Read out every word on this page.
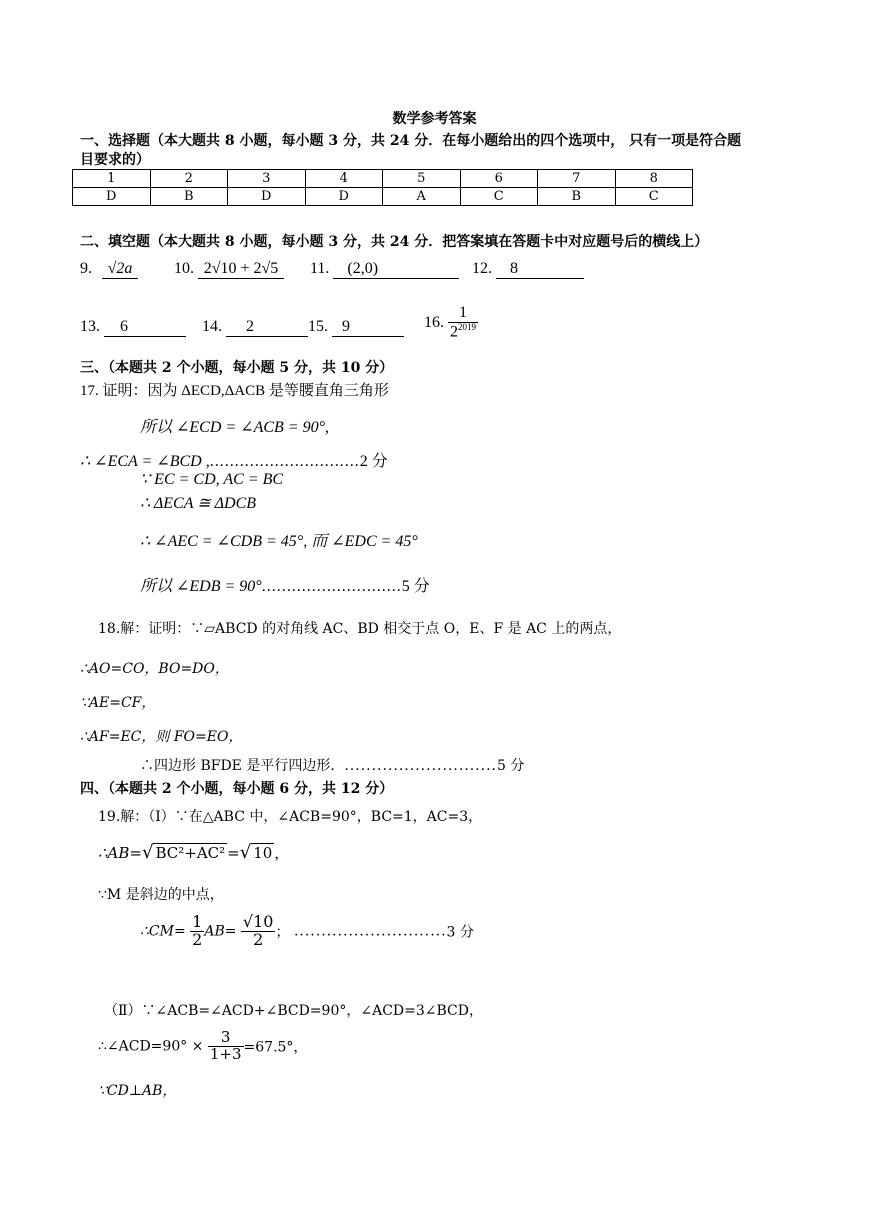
数学参考答案
一、选择题（本大题共 8 小题，每小题 3 分，共 24 分．在每小题给出的四个选项中， 只有一项是符合题
目要求的）
1	2	3	4	5	6	7	8
D	B	D	D	A	C	B	C
二、填空题（本大题共 8 小题，每小题 3 分，共 24 分．把答案填在答题卡中对应题号后的横线上）
9. √2a	10. 2√10 + 2√5	11. (2,0)	12. 8
13. 6	14. 2	15. 9	16. $\frac{1}{2^{2019}}$
三、（本题共 2 个小题，每小题 5 分，共 10 分）
17. 证明：因为 ΔECD,ΔACB 是等腰直角三角形
所以 ∠ECD = ∠ACB = 90°,
∴ ∠ECA = ∠BCD ,..............................2 分
∵ EC = CD, AC = BC
∴ ΔECA ≅ ΔDCB
∴ ∠AEC = ∠CDB = 45°, 而 ∠EDC = 45°
所以 ∠EDB = 90°............................5 分
18.解：证明：∵▱ABCD 的对角线 AC、BD 相交于点 O，E、F 是 AC 上的两点，
∴AO=CO，BO=DO，
∵AE=CF，
∴AF=EC，则 FO=EO，
∴四边形 BFDE 是平行四边形．............................5 分
四、（本题共 2 个小题，每小题 6 分，共 12 分）
19.解：（Ⅰ）∵在△ABC 中，∠ACB=90°，BC=1，AC=3，
∴AB=√ BC²+AC² =√ 10 ，
∵M 是斜边的中点，
∴CM= $\frac{1}{2} AB= \frac{√10}{2}$ ； ............................3 分
（Ⅱ）∵∠ACB=∠ACD+∠BCD=90°，∠ACD=3∠BCD，
∴∠ACD=90° × $\frac{3}{1+3} =67.5^\circ$，
∵CD⊥AB，
